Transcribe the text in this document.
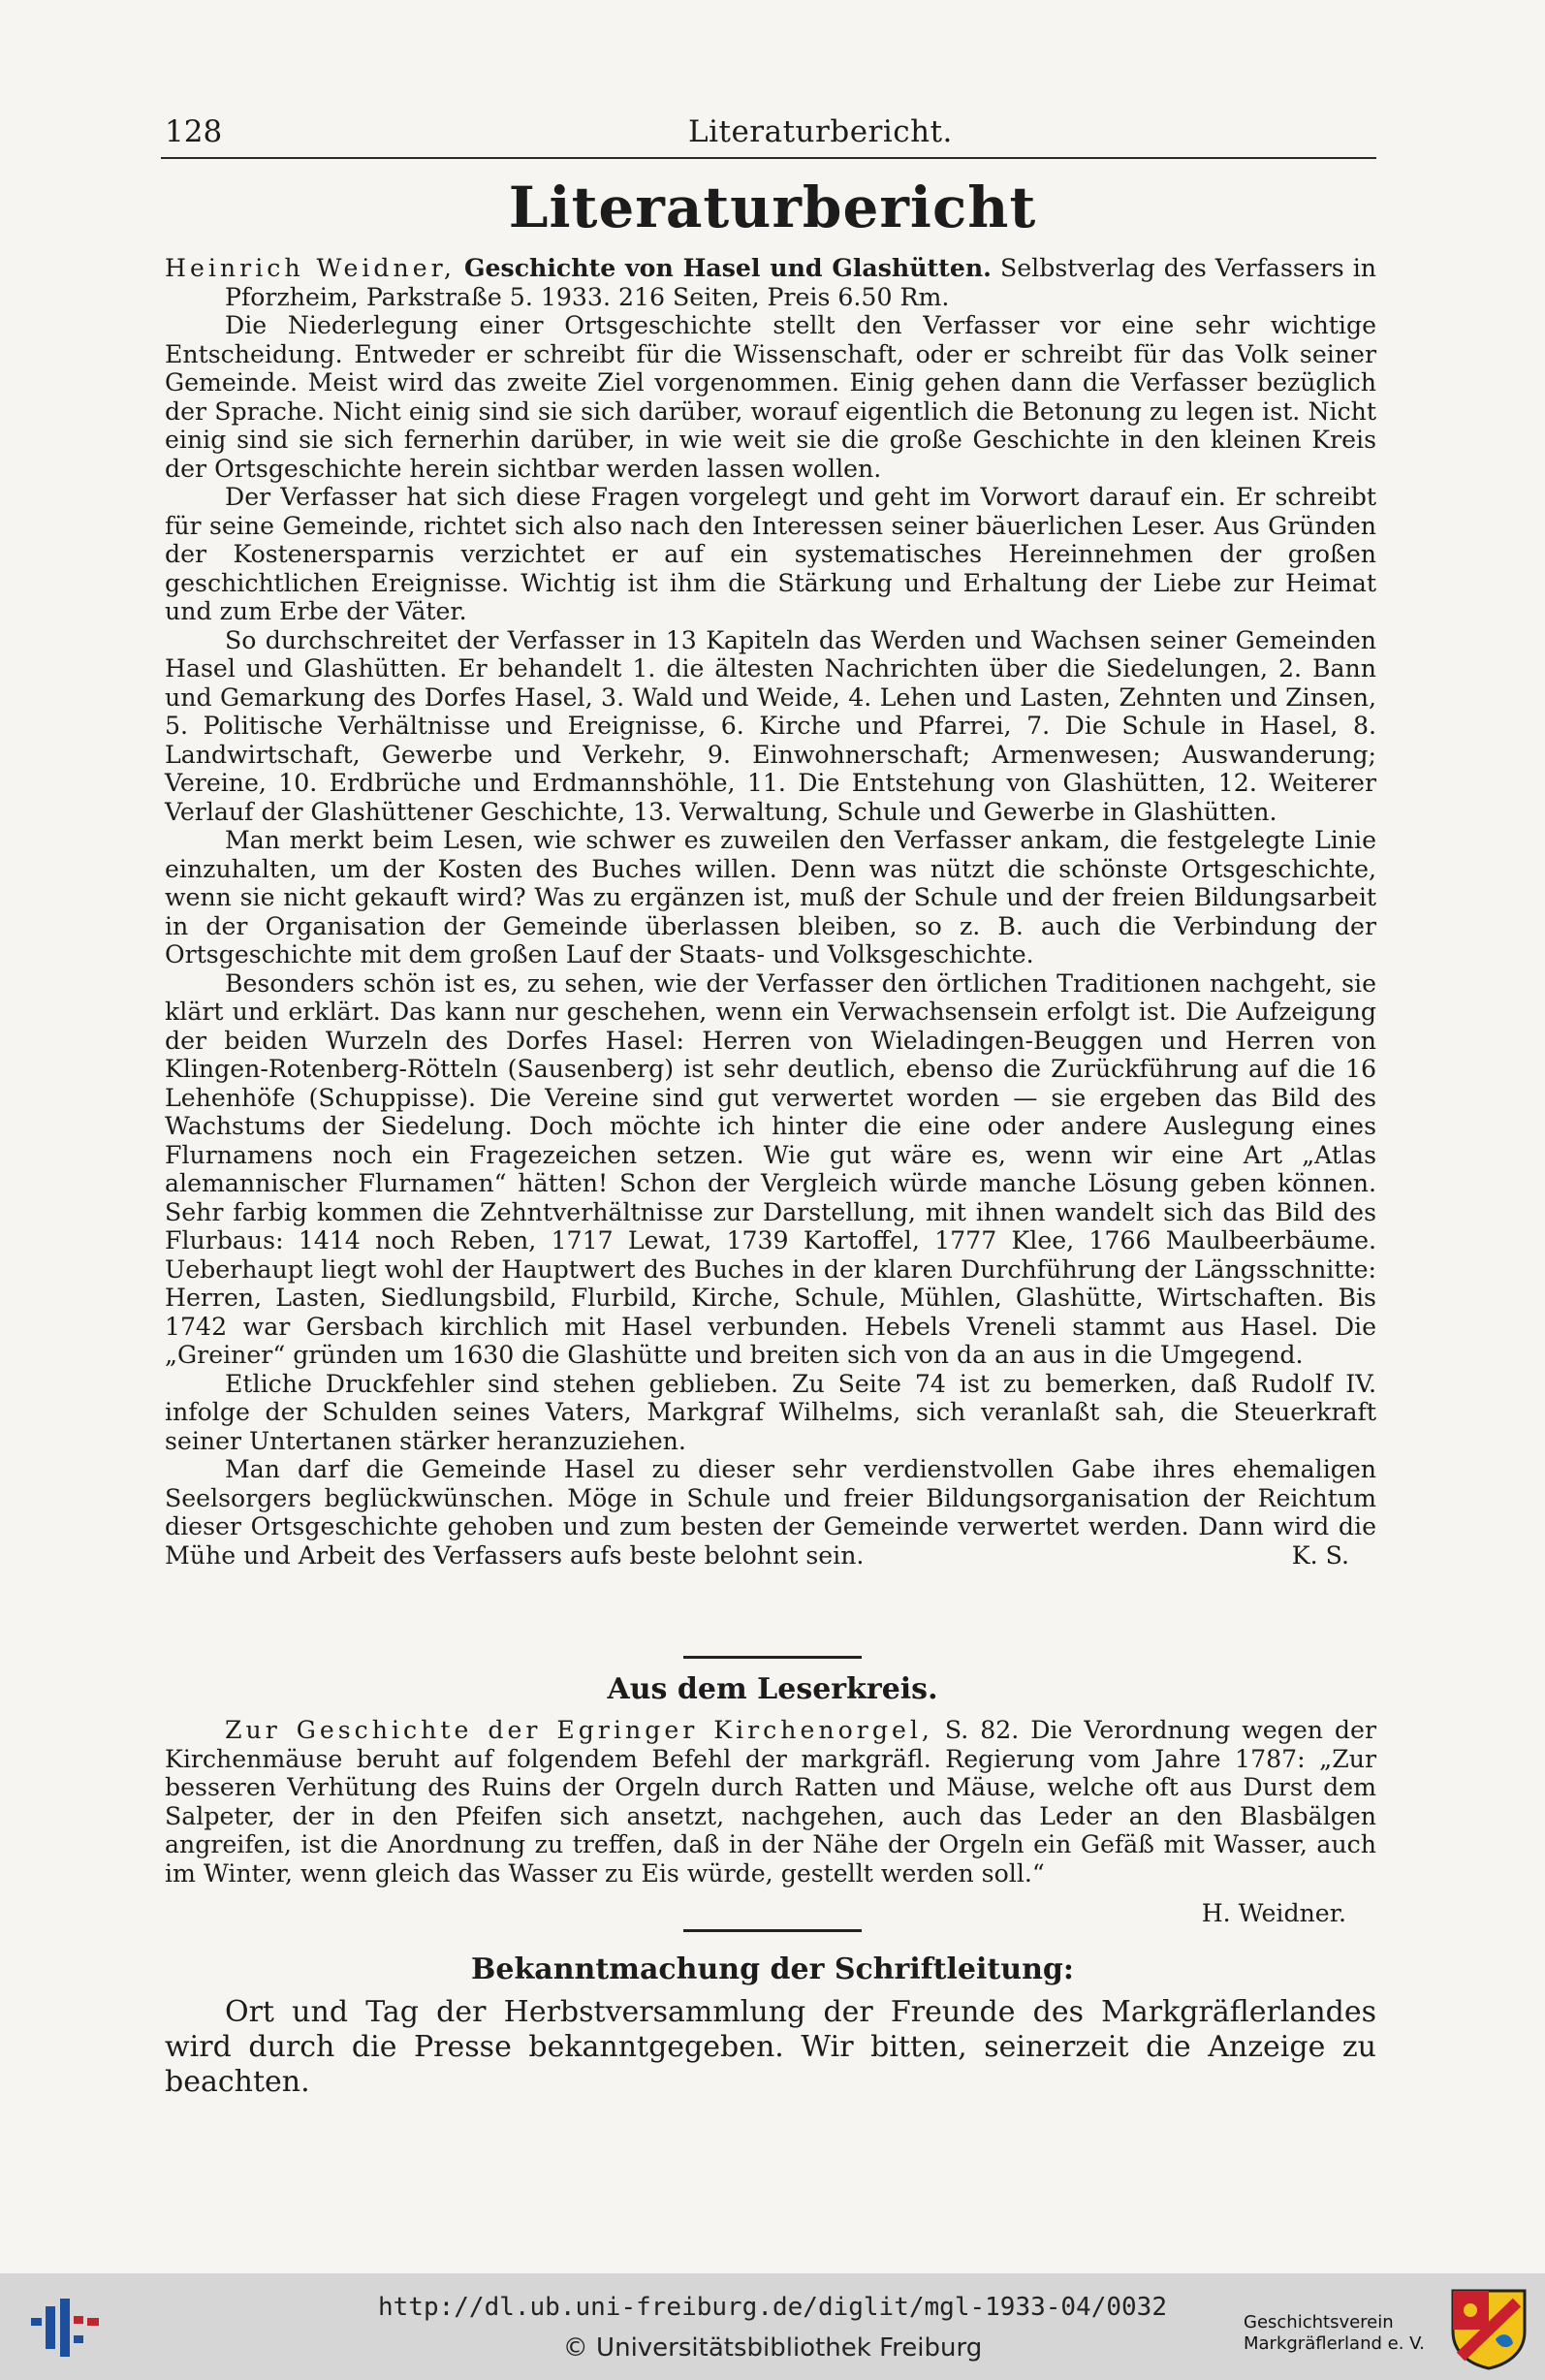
128	Literaturbericht.
Literaturbericht

Heinrich Weidner, Geschichte von Hasel und Glashütten. Selbstverlag des Verfassers in Pforzheim, Parkstraße 5. 1933. 216 Seiten, Preis 6.50 Rm.

Die Niederlegung einer Ortsgeschichte stellt den Verfasser vor eine sehr wichtige Entscheidung. Entweder er schreibt für die Wissenschaft, oder er schreibt für das Volk seiner Gemeinde. Meist wird das zweite Ziel vorgenommen. Einig gehen dann die Verfasser bezüglich der Sprache. Nicht einig sind sie sich darüber, worauf eigentlich die Betonung zu legen ist. Nicht einig sind sie sich fernerhin darüber, in wie weit sie die große Geschichte in den kleinen Kreis der Ortsgeschichte herein sichtbar werden lassen wollen.

Der Verfasser hat sich diese Fragen vorgelegt und geht im Vorwort darauf ein. Er schreibt für seine Gemeinde, richtet sich also nach den Interessen seiner bäuerlichen Leser. Aus Gründen der Kostenersparnis verzichtet er auf ein systematisches Hereinnehmen der großen geschichtlichen Ereignisse. Wichtig ist ihm die Stärkung und Erhaltung der Liebe zur Heimat und zum Erbe der Väter.

So durchschreitet der Verfasser in 13 Kapiteln das Werden und Wachsen seiner Gemeinden Hasel und Glashütten. Er behandelt 1. die ältesten Nachrichten über die Siedelungen, 2. Bann und Gemarkung des Dorfes Hasel, 3. Wald und Weide, 4. Lehen und Lasten, Zehnten und Zinsen, 5. Politische Verhältnisse und Ereignisse, 6. Kirche und Pfarrei, 7. Die Schule in Hasel, 8. Landwirtschaft, Gewerbe und Verkehr, 9. Einwohnerschaft; Armenwesen; Auswanderung; Vereine, 10. Erdbrüche und Erdmannshöhle, 11. Die Entstehung von Glashütten, 12. Weiterer Verlauf der Glashüttener Geschichte, 13. Verwaltung, Schule und Gewerbe in Glashütten.

Man merkt beim Lesen, wie schwer es zuweilen den Verfasser ankam, die festgelegte Linie einzuhalten, um der Kosten des Buches willen. Denn was nützt die schönste Ortsgeschichte, wenn sie nicht gekauft wird? Was zu ergänzen ist, muß der Schule und der freien Bildungsarbeit in der Organisation der Gemeinde überlassen bleiben, so z. B. auch die Verbindung der Ortsgeschichte mit dem großen Lauf der Staats- und Volksgeschichte.

Besonders schön ist es, zu sehen, wie der Verfasser den örtlichen Traditionen nachgeht, sie klärt und erklärt. Das kann nur geschehen, wenn ein Verwachsensein erfolgt ist. Die Aufzeigung der beiden Wurzeln des Dorfes Hasel: Herren von Wieladingen-Beuggen und Herren von Klingen-Rotenberg-Rötteln (Sausenberg) ist sehr deutlich, ebenso die Zurückführung auf die 16 Lehenhöfe (Schuppisse). Die Vereine sind gut verwertet worden — sie ergeben das Bild des Wachstums der Siedelung. Doch möchte ich hinter die eine oder andere Auslegung eines Flurnamens noch ein Fragezeichen setzen. Wie gut wäre es, wenn wir eine Art „Atlas alemannischer Flurnamen“ hätten! Schon der Vergleich würde manche Lösung geben können. Sehr farbig kommen die Zehntverhältnisse zur Darstellung, mit ihnen wandelt sich das Bild des Flurbaus: 1414 noch Reben, 1717 Lewat, 1739 Kartoffel, 1777 Klee, 1766 Maulbeerbäume. Ueberhaupt liegt wohl der Hauptwert des Buches in der klaren Durchführung der Längsschnitte: Herren, Lasten, Siedlungsbild, Flurbild, Kirche, Schule, Mühlen, Glashütte, Wirtschaften. Bis 1742 war Gersbach kirchlich mit Hasel verbunden. Hebels Vreneli stammt aus Hasel. Die „Greiner“ gründen um 1630 die Glashütte und breiten sich von da an aus in die Umgegend.

Etliche Druckfehler sind stehen geblieben. Zu Seite 74 ist zu bemerken, daß Rudolf IV. infolge der Schulden seines Vaters, Markgraf Wilhelms, sich veranlaßt sah, die Steuerkraft seiner Untertanen stärker heranzuziehen.

Man darf die Gemeinde Hasel zu dieser sehr verdienstvollen Gabe ihres ehemaligen Seelsorgers beglückwünschen. Möge in Schule und freier Bildungsorganisation der Reichtum dieser Ortsgeschichte gehoben und zum besten der Gemeinde verwertet werden. Dann wird die Mühe und Arbeit des Verfassers aufs beste belohnt sein.	K. S.

Aus dem Leserkreis.

Zur Geschichte der Egringer Kirchenorgel, S. 82. Die Verordnung wegen der Kirchenmäuse beruht auf folgendem Befehl der markgräfl. Regierung vom Jahre 1787: „Zur besseren Verhütung des Ruins der Orgeln durch Ratten und Mäuse, welche oft aus Durst dem Salpeter, der in den Pfeifen sich ansetzt, nachgehen, auch das Leder an den Blasbälgen angreifen, ist die Anordnung zu treffen, daß in der Nähe der Orgeln ein Gefäß mit Wasser, auch im Winter, wenn gleich das Wasser zu Eis würde, gestellt werden soll.“

H. Weidner.
Bekanntmachung der Schriftleitung:

Ort und Tag der Herbstversammlung der Freunde des Markgräflerlandes wird durch die Presse bekanntgegeben. Wir bitten, seinerzeit die Anzeige zu beachten.

http://dl.ub.uni-freiburg.de/diglit/mgl-1933-04/0032
© Universitätsbibliothek Freiburg
Geschichtsverein
Markgräflerland e. V.
